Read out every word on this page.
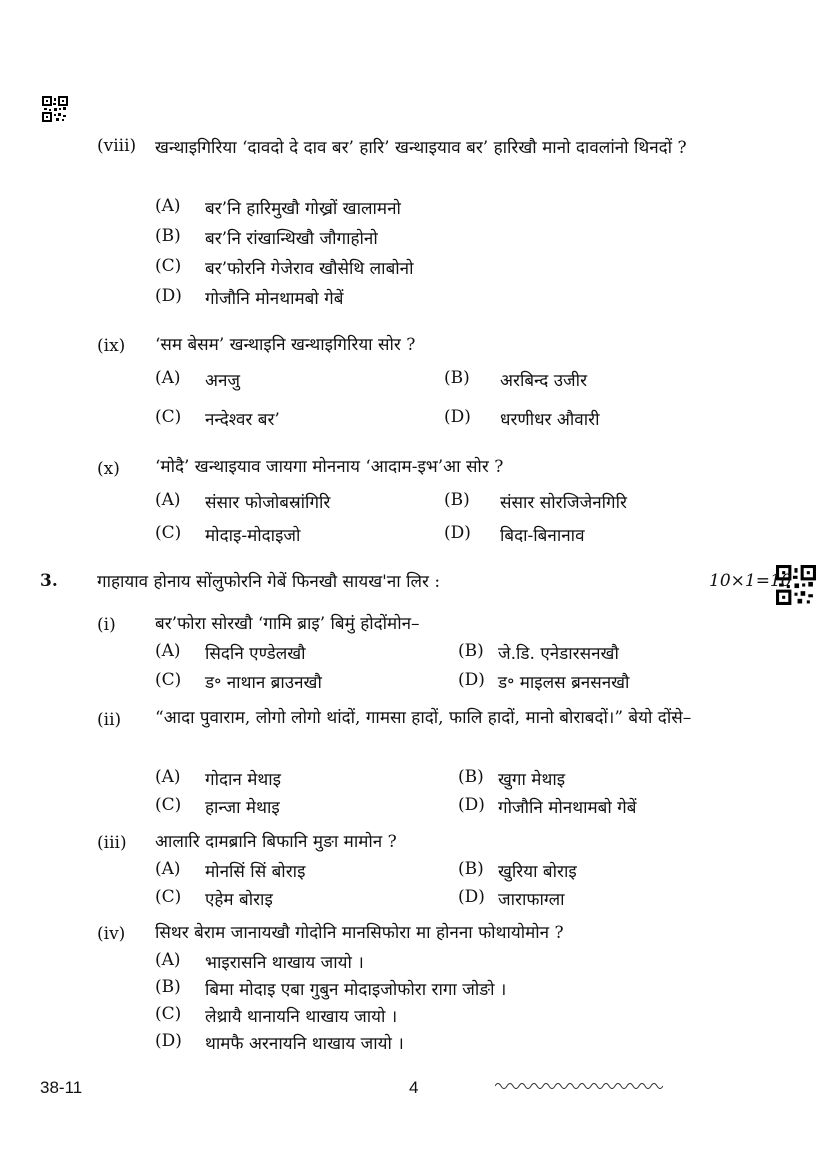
(viii) खन्थाइगिरिया ‘दावदो दे दाव बर’ हारि’ खन्थाइयाव बर’ हारिखौ मानो दावलांनो थिनदों ?
(A) बर’नि हारिमुखौ गोख्रों खालामनो
(B) बर’नि रांखान्थिखौ जौगाहोनो
(C) बर’फोरनि गेजेराव खौसेथि लाबोनो
(D) गोजौनि मोनथामबो गेबें
(ix) ‘सम बेसम’ खन्थाइनि खन्थाइगिरिया सोर ?
(A) अनजु	(B) अरबिन्द उजीर
(C) नन्देश्वर बर’	(D) धरणीधर औवारी
(x) ‘मोदै’ खन्थाइयाव जायगा मोननाय ‘आदाम-इभ’आ सोर ?
(A) संसार फोजोबस्रांगिरि	(B) संसार सोरजिजेनगिरि
(C) मोदाइ-मोदाइजो	(D) बिदा-बिनानाव
3. गाहायाव होनाय सोंलुफोरनि गेबें फिनखौ सायख'ना लिर :	10×1=10
(i) बर’फोरा सोरखौ ‘गामि ब्राइ’ बिमुं होदोंमोन–
(A) सिदनि एण्डेलखौ	(B) जे.डि. एनेडारसनखौ
(C) ड॰ नाथान ब्राउनखौ	(D) ड॰ माइलस ब्रनसनखौ
(ii) “आदा पुवाराम, लोगो लोगो थांदों, गामसा हादों, फालि हादों, मानो बोराबदों।” बेयो दोंसे–
(A) गोदान मेथाइ	(B) खुगा मेथाइ
(C) हान्जा मेथाइ	(D) गोजौनि मोनथामबो गेबें
(iii) आलारि दामब्रानि बिफानि मुङा मामोन ?
(A) मोनसिं सिं बोराइ	(B) खुरिया बोराइ
(C) एहेम बोराइ	(D) जाराफाग्ला
(iv) सिथर बेराम जानायखौ गोदोनि मानसिफोरा मा होनना फोथायोमोन ?
(A) भाइरासनि थाखाय जायो ।
(B) बिमा मोदाइ एबा गुबुन मोदाइजोफोरा रागा जोङो ।
(C) लेथ्रायै थानायनि थाखाय जायो ।
(D) थामफै अरनायनि थाखाय जायो ।
38-11	4
